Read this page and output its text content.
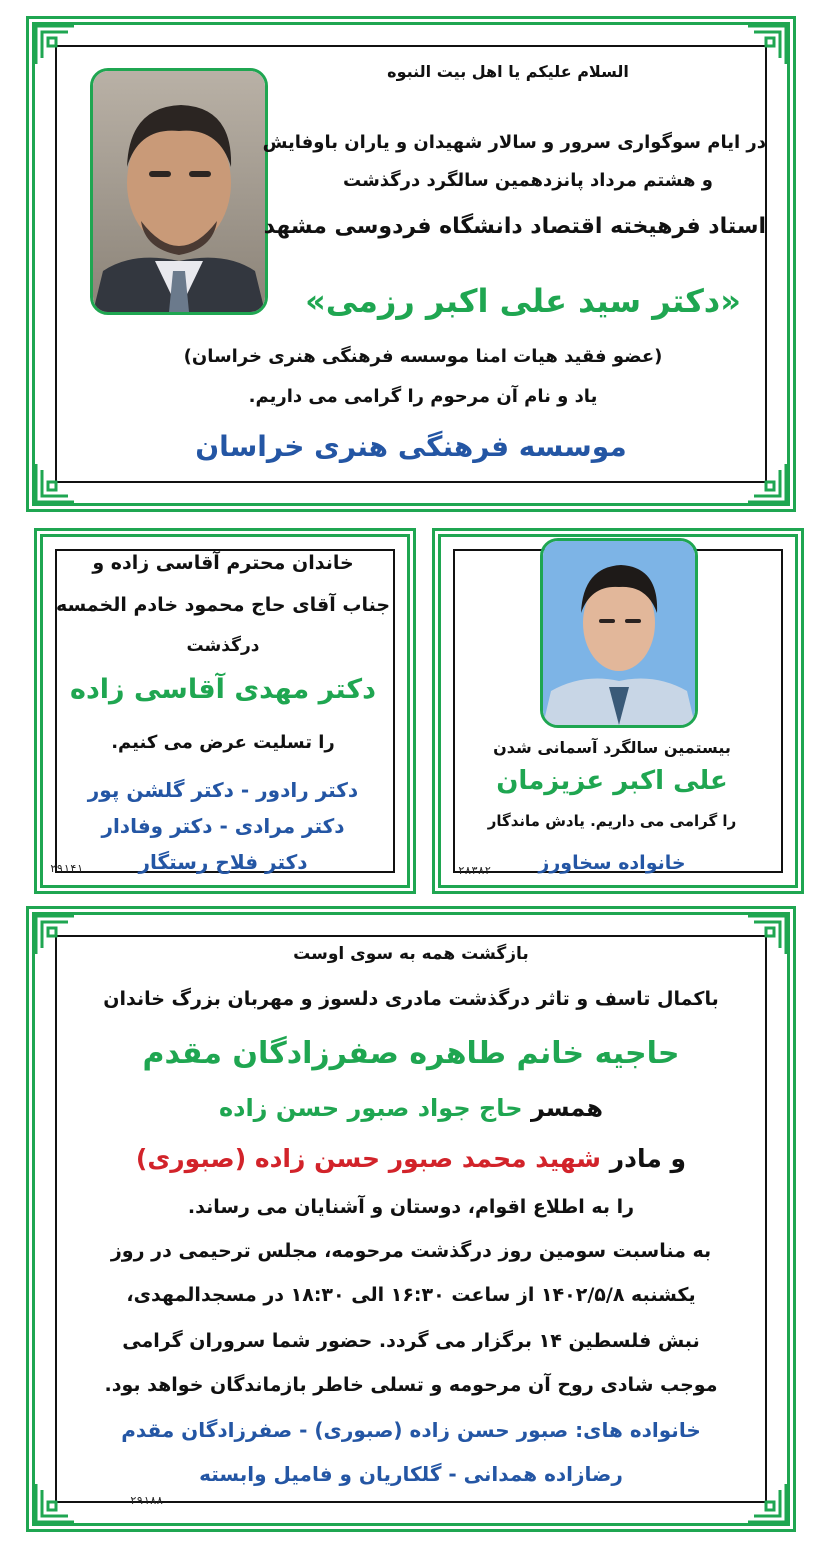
السلام علیکم یا اهل بیت النبوه
در ایام سوگواری سرور و سالار شهیدان و یاران باوفایش
و هشتم مرداد پانزدهمین سالگرد درگذشت
استاد فرهیخته اقتصاد دانشگاه فردوسی مشهد
«دکتر سید علی اکبر رزمی»
(عضو فقید هیات امنا موسسه فرهنگی هنری خراسان)
یاد و نام آن مرحوم را گرامی می داریم.
موسسه فرهنگی هنری خراسان
بیستمین سالگرد آسمانی شدن
علی اکبر عزیزمان
را گرامی می داریم. یادش ماندگار
خانواده سخاورز
۲۸۳۸۲
خاندان محترم آقاسی زاده و
جناب آقای حاج محمود خادم الخمسه
درگذشت
دکتر مهدی آقاسی زاده
را تسلیت عرض می کنیم.
دکتر رادور - دکتر گلشن پور
دکتر مرادی - دکتر وفادار
دکتر فلاح رستگار
۲۹۱۴۱
بازگشت همه به سوی اوست
باکمال تاسف و تاثر درگذشت مادری دلسوز و مهربان بزرگ خاندان
حاجیه خانم طاهره صفرزادگان مقدم
همسر حاج جواد صبور حسن زاده
و مادر شهید محمد صبور حسن زاده (صبوری)
را به اطلاع اقوام، دوستان و آشنایان می رساند.
به مناسبت سومین روز درگذشت مرحومه، مجلس ترحیمی در روز
یکشنبه ۱۴۰۲/۵/۸ از ساعت ۱۶:۳۰ الی ۱۸:۳۰ در مسجدالمهدی،
نبش فلسطین ۱۴ برگزار می گردد. حضور شما سروران گرامی
موجب شادی روح آن مرحومه و تسلی خاطر بازماندگان خواهد بود.
خانواده های: صبور حسن زاده (صبوری) - صفرزادگان مقدم
رضازاده همدانی - گلکاریان و فامیل وابسته
۲۹۱۸۸
